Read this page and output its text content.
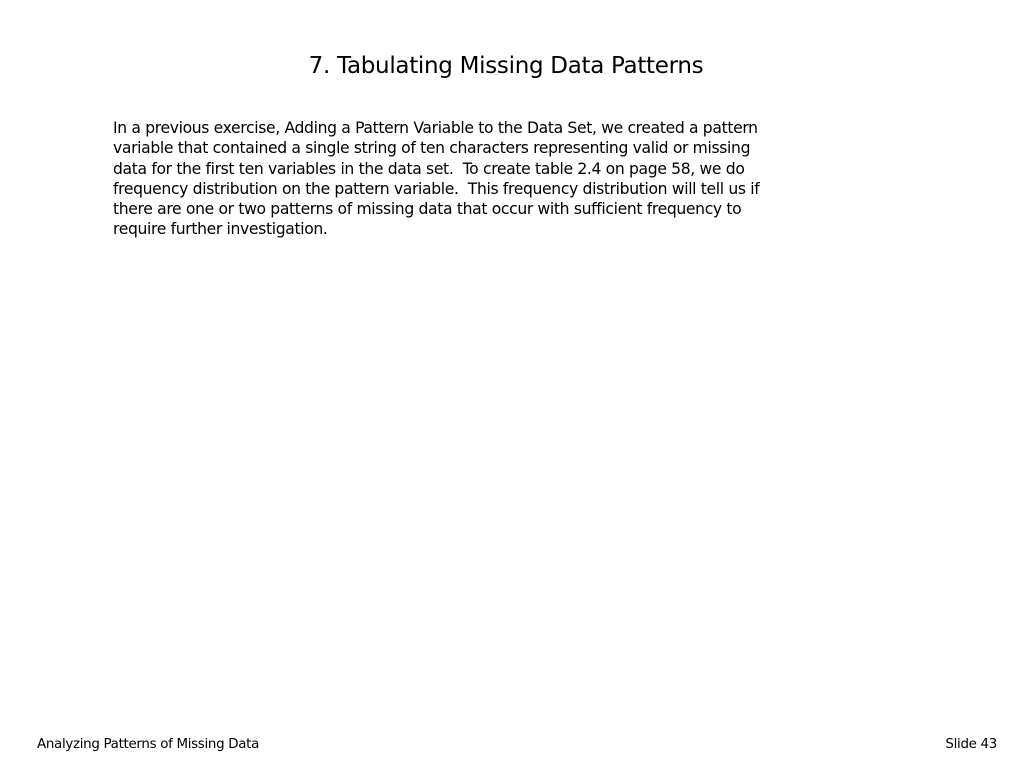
7. Tabulating Missing Data Patterns
In a previous exercise, Adding a Pattern Variable to the Data Set, we created a pattern
variable that contained a single string of ten characters representing valid or missing
data for the first ten variables in the data set.  To create table 2.4 on page 58, we do
frequency distribution on the pattern variable.  This frequency distribution will tell us if
there are one or two patterns of missing data that occur with sufficient frequency to
require further investigation.
Analyzing Patterns of Missing Data	Slide 43
